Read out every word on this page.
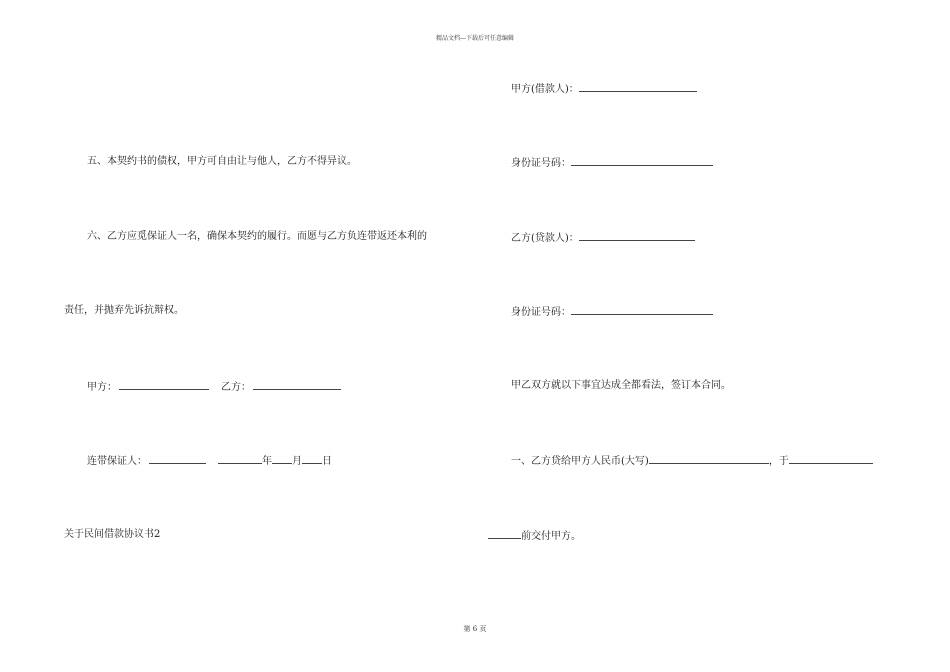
精品文档---下载后可任意编辑
五、本契约书的债权，甲方可自由让与他人，乙方不得异议。
六、乙方应觅保证人一名，确保本契约的履行。而愿与乙方负连带返还本利的
责任，并抛弃先诉抗辩权。
甲方：	乙方：
连带保证人：	年 月 日
关于民间借款协议书2
甲方(借款人)：
身份证号码：
乙方(贷款人)：
身份证号码：
甲乙双方就以下事宜达成全都看法，签订本合同。
一、乙方贷给甲方人民币(大写)	，于
前交付甲方。
第 6 页
